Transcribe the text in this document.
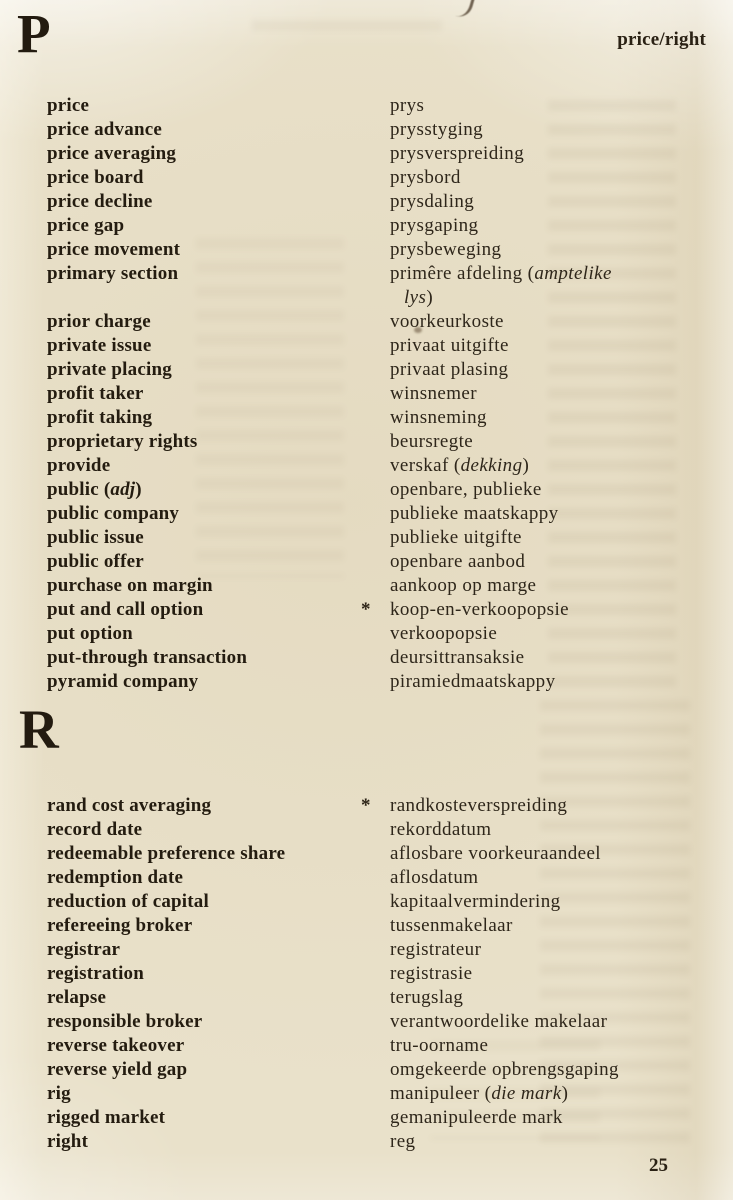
P	price/right
price	prys
price advance	prysstyging
price averaging	prysverspreiding
price board	prysbord
price decline	prysdaling
price gap	prysgaping
price movement	prysbeweging
primary section	primêre afdeling (amptelike
lys)
prior charge	voorkeurkoste
private issue	privaat uitgifte
private placing	privaat plasing
profit taker	winsnemer
profit taking	winsneming
proprietary rights	beursregte
provide	verskaf (dekking)
public (adj)	openbare, publieke
public company	publieke maatskappy
public issue	publieke uitgifte
public offer	openbare aanbod
purchase on margin	aankoop op marge
put and call option	*	koop-en-verkoopopsie
put option	verkoopopsie
put-through transaction	deursittransaksie
pyramid company	piramiedmaatskappy
R
rand cost averaging	*	randkosteverspreiding
record date	rekorddatum
redeemable preference share	aflosbare voorkeuraandeel
redemption date	aflosdatum
reduction of capital	kapitaalvermindering
refereeing broker	tussenmakelaar
registrar	registrateur
registration	registrasie
relapse	terugslag
responsible broker	verantwoordelike makelaar
reverse takeover	tru-oorname
reverse yield gap	omgekeerde opbrengsgaping
rig	manipuleer (die mark)
rigged market	gemanipuleerde mark
right	reg
25
